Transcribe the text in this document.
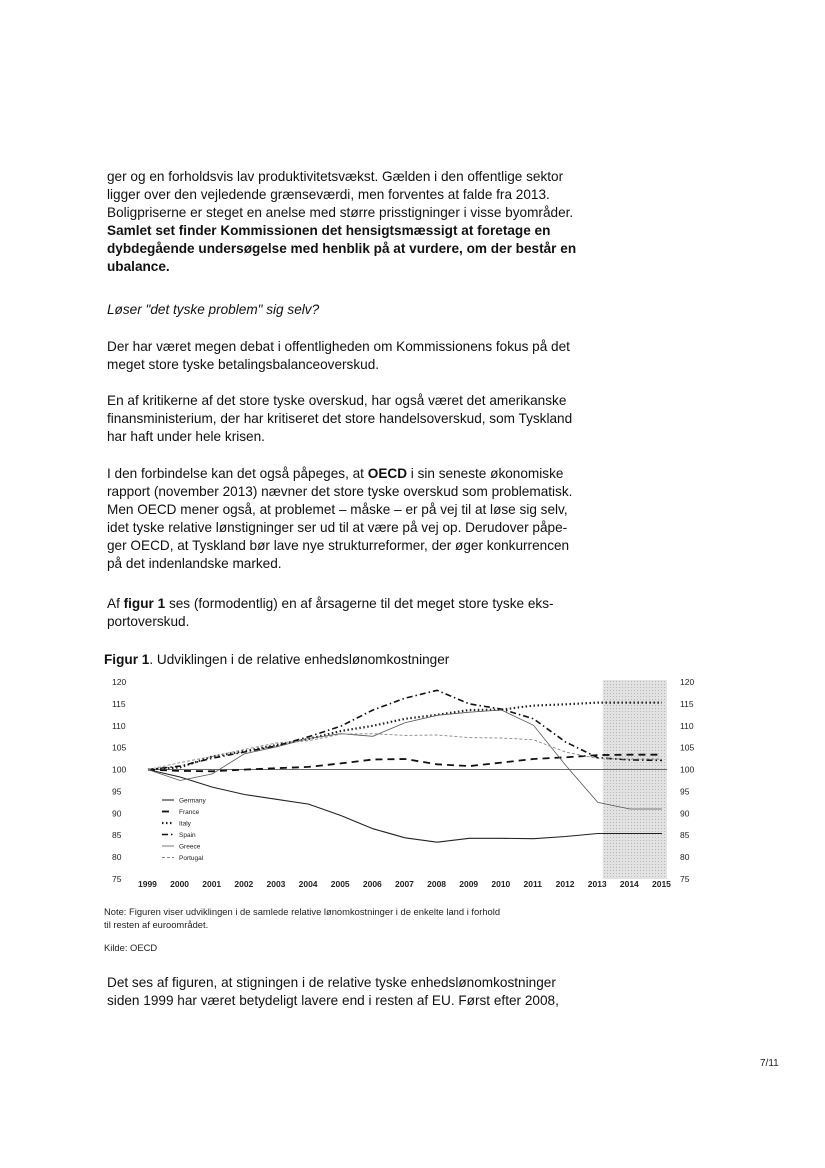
ger og en forholdsvis lav produktivitetsvækst. Gælden i den offentlige sektor

ligger over den vejledende grænseværdi, men forventes at falde fra 2013.

Boligpriserne er steget en anelse med større prisstigninger i visse byområder.

Samlet set finder Kommissionen det hensigtsmæssigt at foretage en

dybdegående undersøgelse med henblik på at vurdere, om der består en

ubalance.

Løser "det tyske problem" sig selv?

Der har været megen debat i offentligheden om Kommissionens fokus på det

meget store tyske betalingsbalanceoverskud.

En af kritikerne af det store tyske overskud, har også været det amerikanske

finansministerium, der har kritiseret det store handelsoverskud, som Tyskland

har haft under hele krisen.

I den forbindelse kan det også påpeges, at OECD i sin seneste økonomiske

rapport (november 2013) nævner det store tyske overskud som problematisk.

Men OECD mener også, at problemet – måske – er på vej til at løse sig selv,

idet tyske relative lønstigninger ser ud til at være på vej op. Derudover påpe-

ger OECD, at Tyskland bør lave nye strukturreformer, der øger konkurrencen

på det indenlandske marked.

Af figur 1 ses (formodentlig) en af årsagerne til det meget store tyske eks-

portoverskud.

Figur 1. Udviklingen i de relative enhedslønomkostninger
120	120
115	115
110	110
105	105
100	100
95	95
90	90
85	85
80	80
75	75
1999 2000 2001 2002 2003 2004 2005 2006 2007 2008 2009 2010 2011 2012 2013 2014 2015
Germany
France
Italy
Spain
Greece
Portugal
Note: Figuren viser udviklingen i de samlede relative lønomkostninger i de enkelte land i forhold
til resten af euroområdet.
Kilde: OECD

Det ses af figuren, at stigningen i de relative tyske enhedslønomkostninger

siden 1999 har været betydeligt lavere end i resten af EU. Først efter 2008,

7/11
